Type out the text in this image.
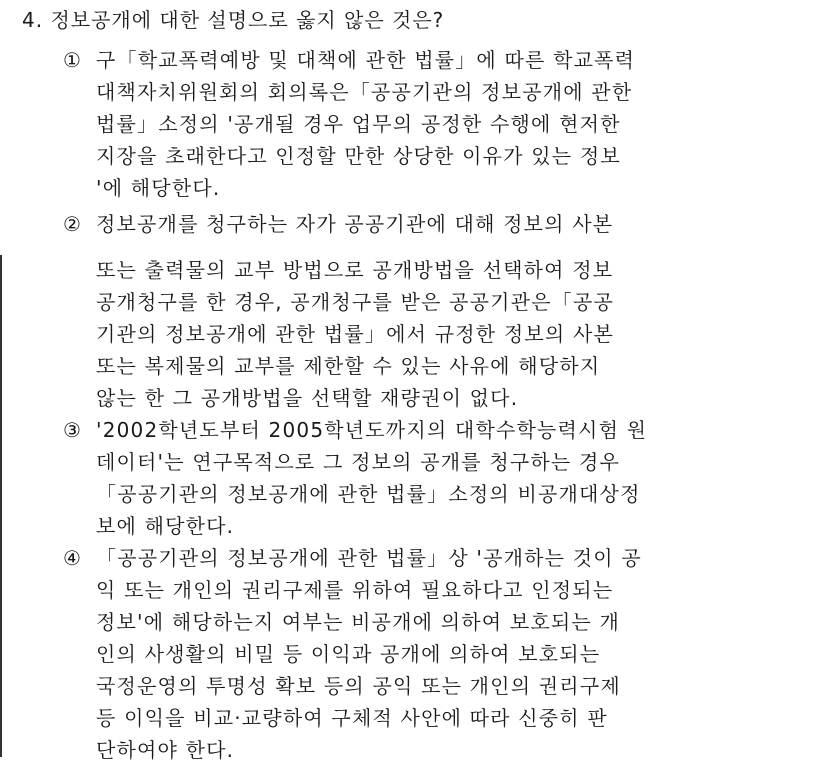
4. 정보공개에 대한 설명으로 옳지 않은 것은?
① 구「학교폭력예방 및 대책에 관한 법률」에 따른 학교폭력
대책자치위원회의 회의록은「공공기관의 정보공개에 관한
법률」소정의 '공개될 경우 업무의 공정한 수행에 현저한
지장을 초래한다고 인정할 만한 상당한 이유가 있는 정보
'에 해당한다.
② 정보공개를 청구하는 자가 공공기관에 대해 정보의 사본
또는 출력물의 교부 방법으로 공개방법을 선택하여 정보
공개청구를 한 경우, 공개청구를 받은 공공기관은「공공
기관의 정보공개에 관한 법률」에서 규정한 정보의 사본
또는 복제물의 교부를 제한할 수 있는 사유에 해당하지
않는 한 그 공개방법을 선택할 재량권이 없다.
③ '2002학년도부터 2005학년도까지의 대학수학능력시험 원
데이터'는 연구목적으로 그 정보의 공개를 청구하는 경우
「공공기관의 정보공개에 관한 법률」소정의 비공개대상정
보에 해당한다.
④ 「공공기관의 정보공개에 관한 법률」상 '공개하는 것이 공
익 또는 개인의 권리구제를 위하여 필요하다고 인정되는
정보'에 해당하는지 여부는 비공개에 의하여 보호되는 개
인의 사생활의 비밀 등 이익과 공개에 의하여 보호되는
국정운영의 투명성 확보 등의 공익 또는 개인의 권리구제
등 이익을 비교·교량하여 구체적 사안에 따라 신중히 판
단하여야 한다.
